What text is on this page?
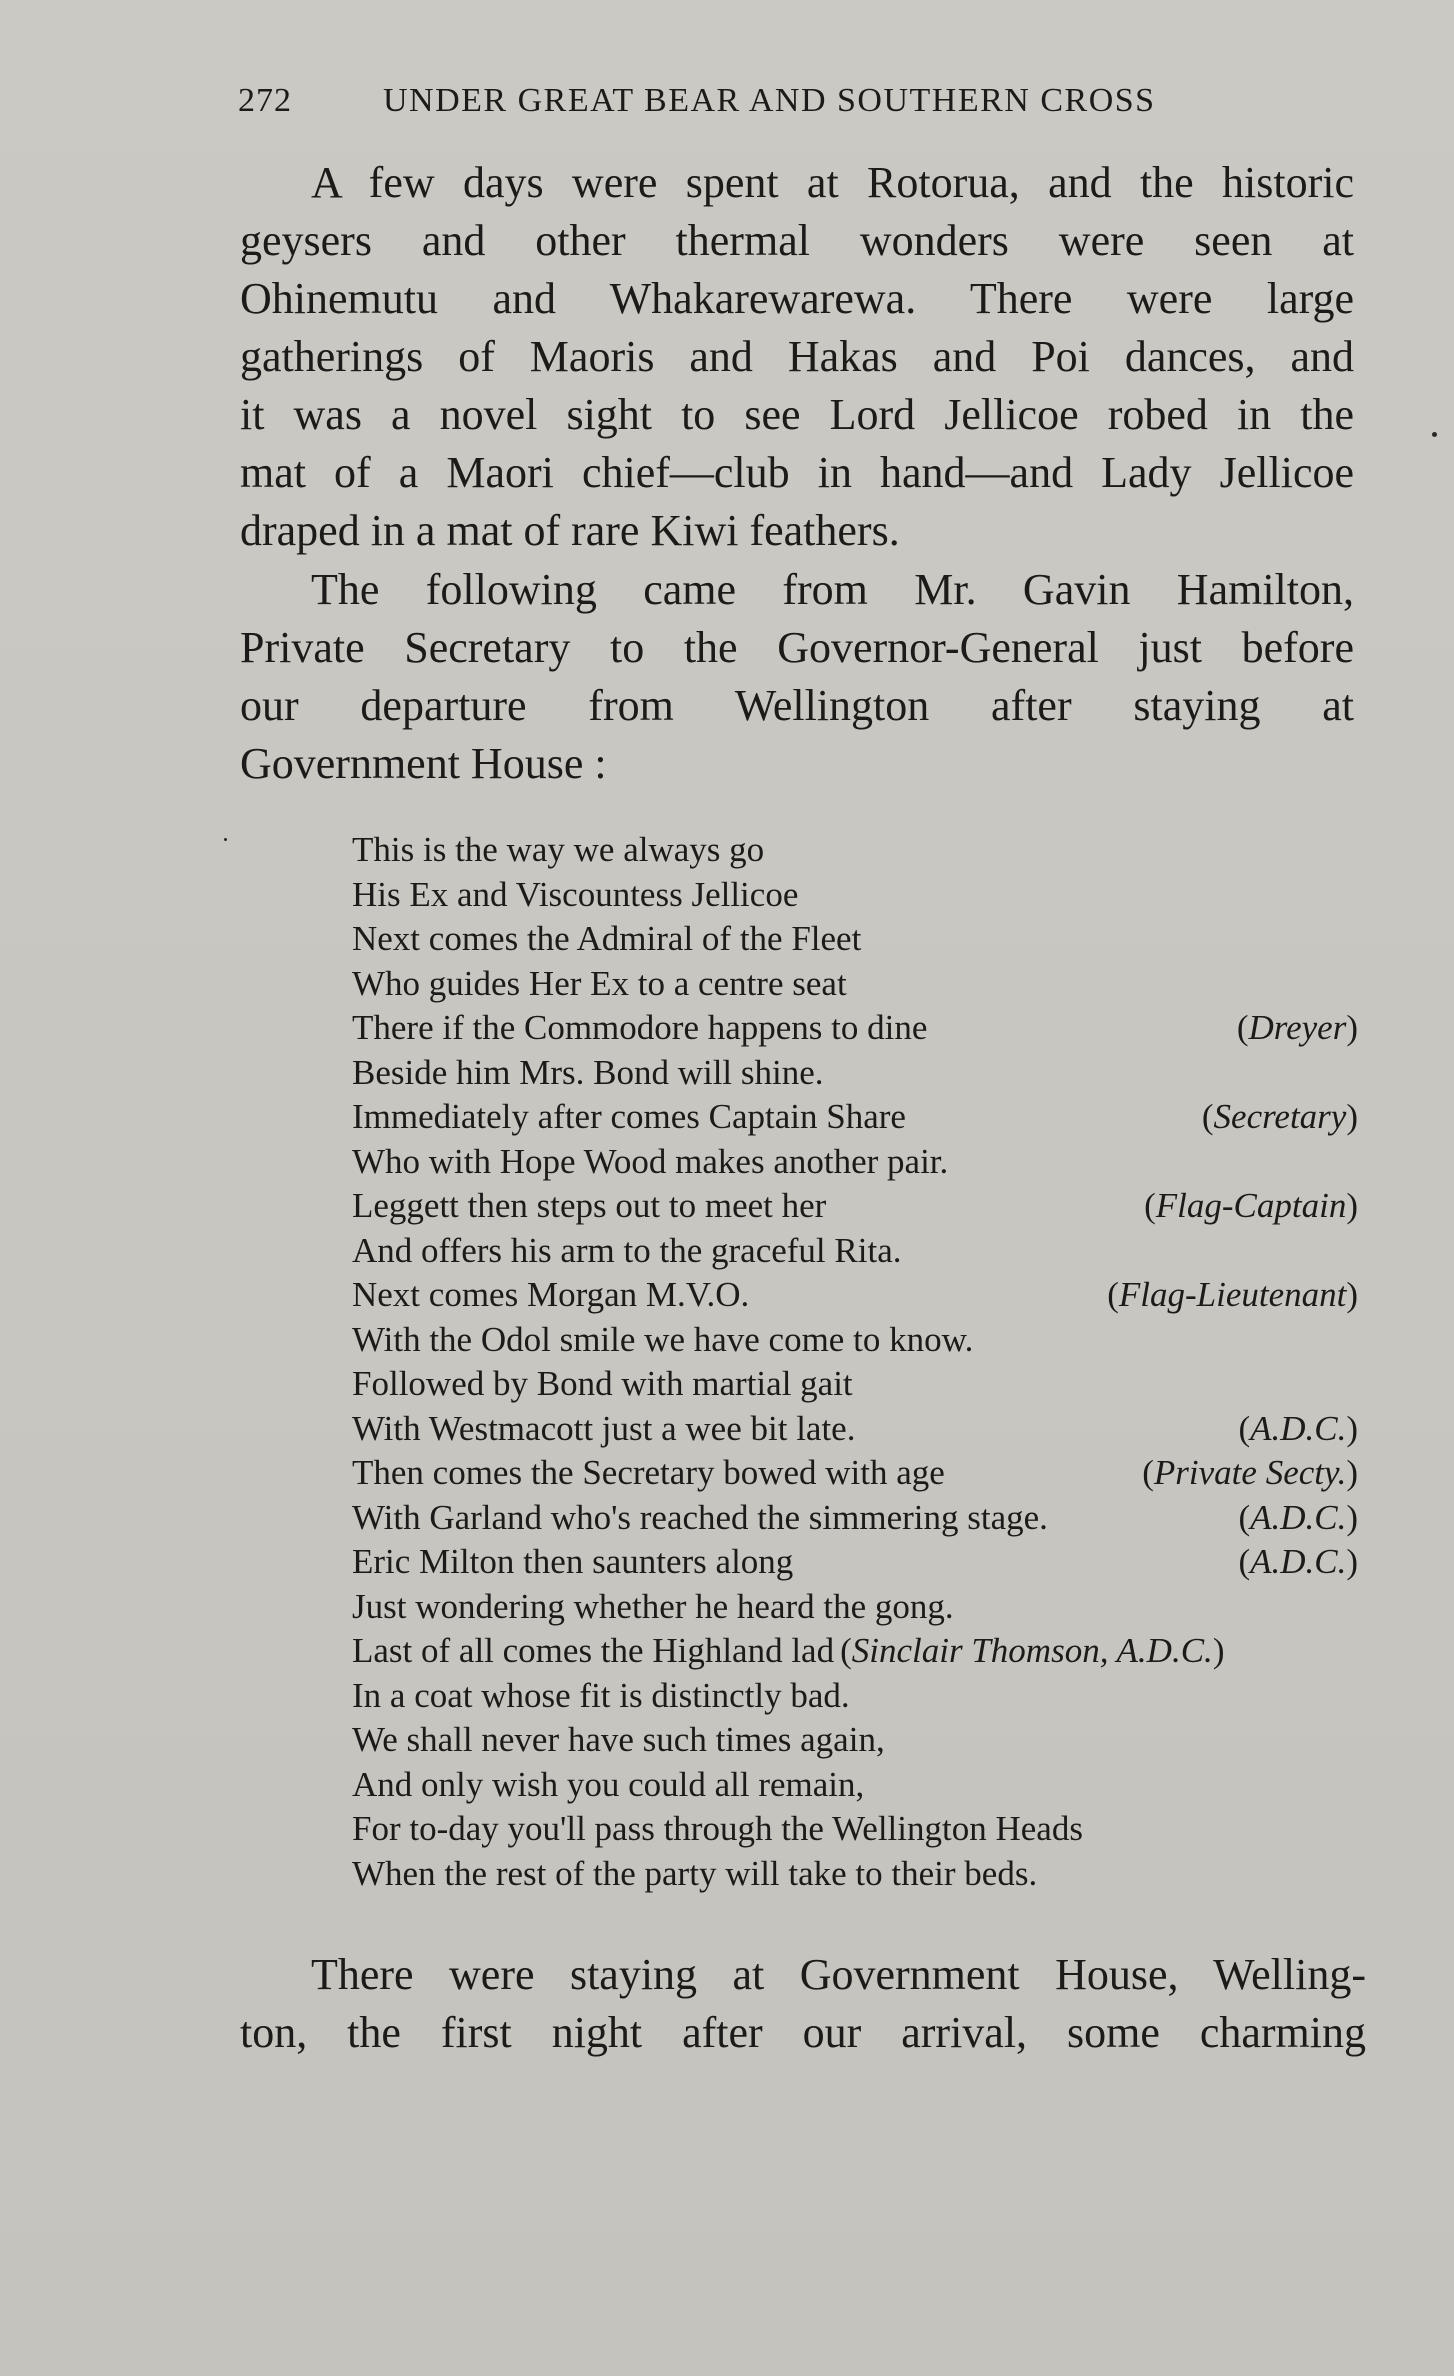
272	UNDER GREAT BEAR AND SOUTHERN CROSS
A few days were spent at Rotorua, and the historic
geysers and other thermal wonders were seen at
Ohinemutu and Whakarewarewa. There were large
gatherings of Maoris and Hakas and Poi dances, and
it was a novel sight to see Lord Jellicoe robed in the
mat of a Maori chief—club in hand—and Lady Jellicoe
draped in a mat of rare Kiwi feathers.
The following came from Mr. Gavin Hamilton,
Private Secretary to the Governor-General just before
our departure from Wellington after staying at
Government House :
This is the way we always go
His Ex and Viscountess Jellicoe
Next comes the Admiral of the Fleet
Who guides Her Ex to a centre seat
There if the Commodore happens to dine	(Dreyer)
Beside him Mrs. Bond will shine.
Immediately after comes Captain Share	(Secretary)
Who with Hope Wood makes another pair.
Leggett then steps out to meet her	(Flag-Captain)
And offers his arm to the graceful Rita.
Next comes Morgan M.V.O.	(Flag-Lieutenant)
With the Odol smile we have come to know.
Followed by Bond with martial gait
With Westmacott just a wee bit late.	(A.D.C.)
Then comes the Secretary bowed with age	(Private Secty.)
With Garland who's reached the simmering stage.	(A.D.C.)
Eric Milton then saunters along	(A.D.C.)
Just wondering whether he heard the gong.
Last of all comes the Highland lad (Sinclair Thomson, A.D.C.)
In a coat whose fit is distinctly bad.
We shall never have such times again,
And only wish you could all remain,
For to-day you'll pass through the Wellington Heads
When the rest of the party will take to their beds.
There were staying at Government House, Welling-
ton, the first night after our arrival, some charming
